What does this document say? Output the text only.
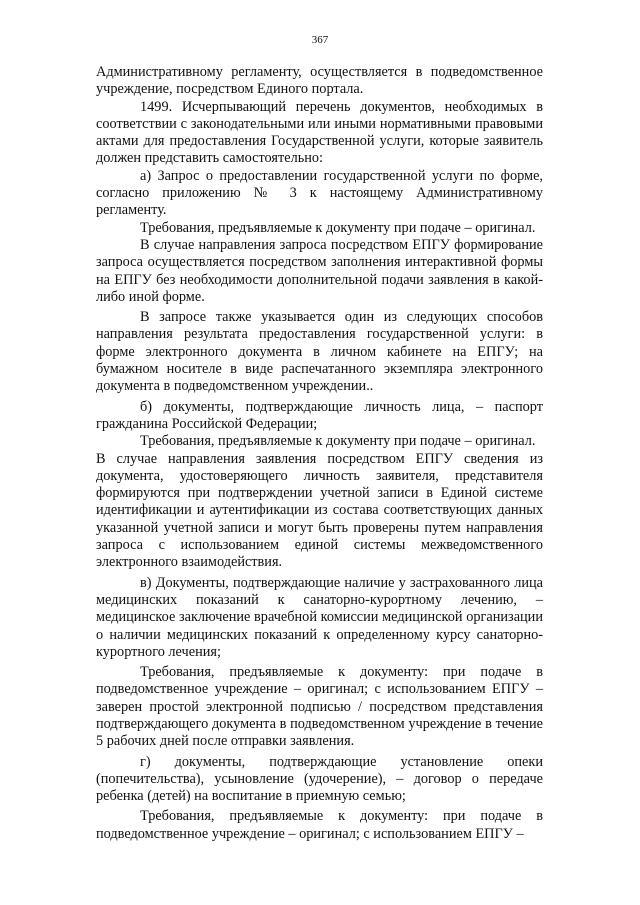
367

Административному регламенту, осуществляется в подведомственное учреждение, посредством Единого портала.

1499. Исчерпывающий перечень документов, необходимых в соответствии с законодательными или иными нормативными правовыми актами для предоставления Государственной услуги, которые заявитель должен представить самостоятельно:

а) Запрос о предоставлении государственной услуги по форме, согласно приложению № 3 к настоящему Административному регламенту.

Требования, предъявляемые к документу при подаче – оригинал.

В случае направления запроса посредством ЕПГУ формирование запроса осуществляется посредством заполнения интерактивной формы на ЕПГУ без необходимости дополнительной подачи заявления в какой-либо иной форме.

В запросе также указывается один из следующих способов направления результата предоставления государственной услуги: в форме электронного документа в личном кабинете на ЕПГУ; на бумажном носителе в виде распечатанного экземпляра электронного документа в подведомственном учреждении..

б) документы, подтверждающие личность лица, – паспорт гражданина Российской Федерации;

Требования, предъявляемые к документу при подаче – оригинал.

В случае направления заявления посредством ЕПГУ сведения из документа, удостоверяющего личность заявителя, представителя формируются при подтверждении учетной записи в Единой системе идентификации и аутентификации из состава соответствующих данных указанной учетной записи и могут быть проверены путем направления запроса с использованием единой системы межведомственного электронного взаимодействия.

в) Документы, подтверждающие наличие у застрахованного лица медицинских показаний к санаторно-курортному лечению, – медицинское заключение врачебной комиссии медицинской организации о наличии медицинских показаний к определенному курсу санаторно-курортного лечения;

Требования, предъявляемые к документу: при подаче в подведомственное учреждение – оригинал; с использованием ЕПГУ – заверен простой электронной подписью / посредством представления подтверждающего документа в подведомственном учреждение в течение 5 рабочих дней после отправки заявления.

г) документы, подтверждающие установление опеки (попечительства), усыновление (удочерение), – договор о передаче ребенка (детей) на воспитание в приемную семью;

Требования, предъявляемые к документу: при подаче в подведомственное учреждение – оригинал; с использованием ЕПГУ –
